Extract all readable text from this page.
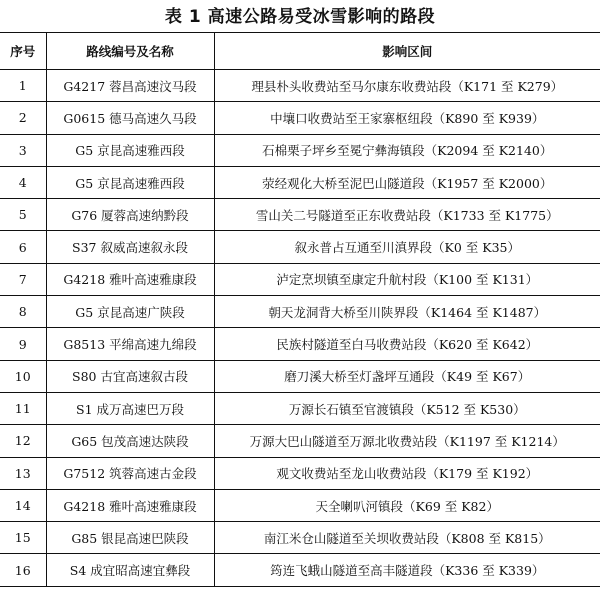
表 1 高速公路易受冰雪影响的路段
序号	路线编号及名称	影响区间
1	G4217 蓉昌高速汶马段	理县朴头收费站至马尔康东收费站段（K171 至 K279）
2	G0615 德马高速久马段	中壤口收费站至王家寨枢纽段（K890 至 K939）
3	G5 京昆高速雅西段	石棉栗子坪乡至冕宁彝海镇段（K2094 至 K2140）
4	G5 京昆高速雅西段	荥经观化大桥至泥巴山隧道段（K1957 至 K2000）
5	G76 厦蓉高速纳黔段	雪山关二号隧道至正东收费站段（K1733 至 K1775）
6	S37 叙威高速叙永段	叙永普占互通至川滇界段（K0 至 K35）
7	G4218 雅叶高速雅康段	泸定烹坝镇至康定升航村段（K100 至 K131）
8	G5 京昆高速广陕段	朝天龙洞背大桥至川陕界段（K1464 至 K1487）
9	G8513 平绵高速九绵段	民族村隧道至白马收费站段（K620 至 K642）
10	S80 古宜高速叙古段	磨刀溪大桥至灯盏坪互通段（K49 至 K67）
11	S1 成万高速巴万段	万源长石镇至官渡镇段（K512 至 K530）
12	G65 包茂高速达陕段	万源大巴山隧道至万源北收费站段（K1197 至 K1214）
13	G7512 筑蓉高速古金段	观文收费站至龙山收费站段（K179 至 K192）
14	G4218 雅叶高速雅康段	天全喇叭河镇段（K69 至 K82）
15	G85 银昆高速巴陕段	南江米仓山隧道至关坝收费站段（K808 至 K815）
16	S4 成宜昭高速宜彝段	筠连飞蛾山隧道至高丰隧道段（K336 至 K339）
